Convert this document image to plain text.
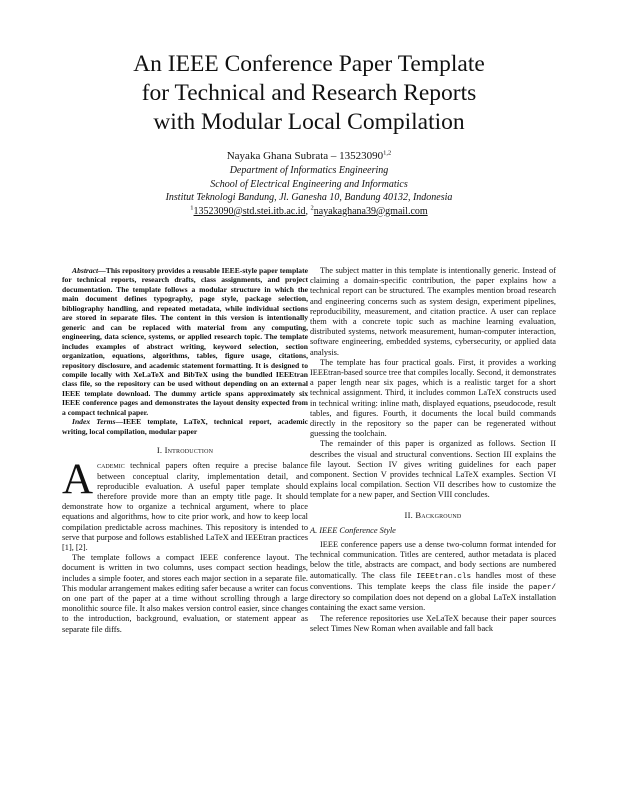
An IEEE Conference Paper Template
for Technical and Research Reports
with Modular Local Compilation
Nayaka Ghana Subrata – 13523090$^{1,2}$
Department of Informatics Engineering
School of Electrical Engineering and Informatics
Institut Teknologi Bandung, Jl. Ganesha 10, Bandung 40132, Indonesia
$^1$13523090@std.stei.itb.ac.id, $^2$nayakaghana39@gmail.com

Abstract—This repository provides a reusable IEEE-style paper template for technical reports, research drafts, class assignments, and project documentation. The template follows a modular structure in which the main document defines typography, page style, package selection, bibliography handling, and repeated metadata, while individual sections are stored in separate files. The content in this version is intentionally generic and can be replaced with material from any computing, engineering, data science, systems, or applied research topic. The template includes examples of abstract writing, keyword selection, section organization, equations, algorithms, tables, figure usage, citations, repository disclosure, and academic statement formatting. It is designed to compile locally with XeLaTeX and BibTeX using the bundled IEEEtran class file, so the repository can be used without depending on an external IEEE template download. The dummy article spans approximately six IEEE conference pages and demonstrates the layout density expected from a compact technical paper.

Index Terms—IEEE template, LaTeX, technical report, academic writing, local compilation, modular paper

I. Introduction

Academic technical papers often require a precise balance between conceptual clarity, implementation detail, and reproducible evaluation. A useful paper template should therefore provide more than an empty title page. It should demonstrate how to organize a technical argument, where to place equations and algorithms, how to cite prior work, and how to keep local compilation predictable across machines. This repository is intended to serve that purpose and follows established LaTeX and IEEEtran practices [1], [2].

The template follows a compact IEEE conference layout. The document is written in two columns, uses compact section headings, includes a simple footer, and stores each major section in a separate file. This modular arrangement makes editing safer because a writer can focus on one part of the paper at a time without scrolling through a large monolithic source file. It also makes version control easier, since changes to the introduction, background, evaluation, or statement appear as separate file diffs.

The subject matter in this template is intentionally generic. Instead of claiming a domain-specific contribution, the paper explains how a technical report can be structured. The examples mention broad research and engineering concerns such as system design, experiment pipelines, reproducibility, measurement, and citation practice. A user can replace them with a concrete topic such as machine learning evaluation, distributed systems, network measurement, human-computer interaction, software engineering, embedded systems, cybersecurity, or applied data analysis.

The template has four practical goals. First, it provides a working IEEEtran-based source tree that compiles locally. Second, it demonstrates a paper length near six pages, which is a realistic target for a short technical assignment. Third, it includes common LaTeX constructs used in technical writing: inline math, displayed equations, pseudocode, result tables, and figures. Fourth, it documents the local build commands directly in the repository so the paper can be regenerated without guessing the toolchain.

The remainder of this paper is organized as follows. Section II describes the visual and structural conventions. Section III explains the file layout. Section IV gives writing guidelines for each paper component. Section V provides technical LaTeX examples. Section VI explains local compilation. Section VII describes how to customize the template for a new paper, and Section VIII concludes.

II. Background
A. IEEE Conference Style

IEEE conference papers use a dense two-column format intended for technical communication. Titles are centered, author metadata is placed below the title, abstracts are compact, and body sections are numbered automatically. The class file IEEEtran.cls handles most of these conventions. This template keeps the class file inside the paper/ directory so compilation does not depend on a global LaTeX installation containing the exact same version.

The reference repositories use XeLaTeX because their paper sources select Times New Roman when available and fall back
